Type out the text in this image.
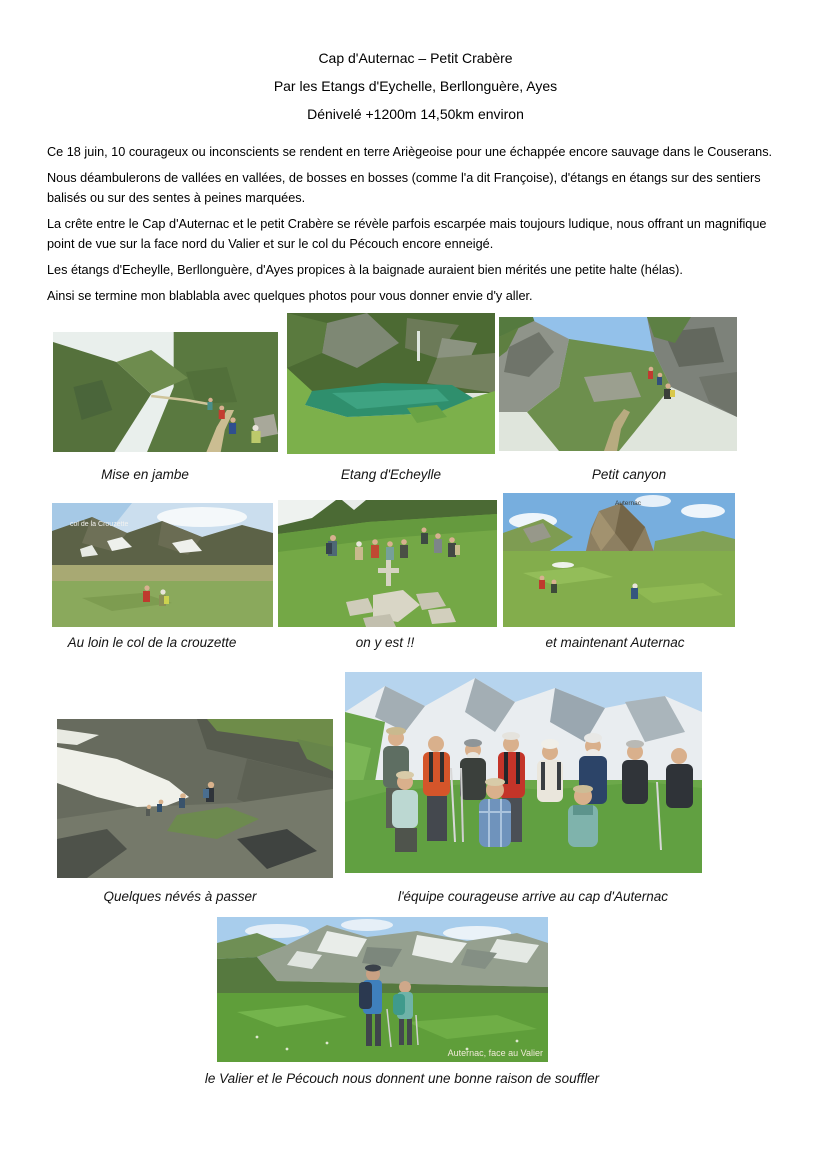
Cap d'Auternac – Petit Crabère

Par les Etangs d'Eychelle, Berllonguère, Ayes

Dénivelé +1200m 14,50km environ

Ce 18 juin, 10 courageux ou inconscients se rendent en terre Ariègeoise pour une échappée encore sauvage dans le Couserans.

Nous déambulerons de vallées en vallées, de bosses en bosses (comme l'a dit Françoise), d'étangs en étangs sur des sentiers balisés ou sur des sentes à peines marquées.

La crête entre le Cap d'Auternac et le petit Crabère se révèle parfois escarpée mais toujours ludique, nous offrant un magnifique point de vue sur la face nord du Valier et sur le col du Pécouch encore enneigé.

Les étangs d'Echeylle, Berllonguère, d'Ayes propices à la baignade auraient bien mérités une petite halte (hélas).

Ainsi se termine mon blablabla avec quelques photos pour vous donner envie d'y aller.

Mise en jambe	Etang d'Echeylle	Petit canyon
col de la Crouzette
Auternac
Au loin le col de la crouzette	on y est !!	et maintenant Auternac
Quelques névés à passer	l'équipe courageuse arrive au cap d'Auternac
Auternac, face au Valier
le Valier et le Pécouch nous donnent une bonne raison de souffler
